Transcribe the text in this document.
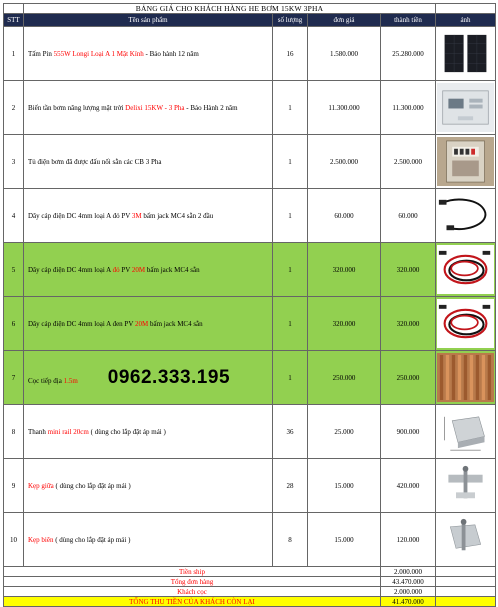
	BẢNG GIÁ CHO KHÁCH HÀNG HE BƠM 15KW 3PHA				
STT	Tên sản phẩm	số lượng	đơn giá	thành tiền	ảnh
1	Tấm Pin 555W Longi Loại A 1 Mặt Kính - Bảo hành 12 năm	16	1.580.000	25.280.000	

2	Biến tần bơm năng lượng mặt trời Delixi 15KW - 3 Pha - Bảo Hành 2 năm	1	11.300.000	11.300.000	

3	Tủ điện bơm đã được đấu nối sẵn các CB 3 Pha	1	2.500.000	2.500.000	

4	Dây cáp điện DC 4mm loại A đỏ PV 3M bấm jack MC4 sẵn 2 đầu	1	60.000	60.000	

5	Dây cáp điện DC 4mm loại A đỏ PV 20M bấm jack MC4 sẵn	1	320.000	320.000	

6	Dây cáp điện DC 4mm loại A đen PV 20M bấm jack MC4 sẵn	1	320.000	320.000	

7	Cọc tiếp địa 1.5m 0962.333.195	1	250.000	250.000	

8	Thanh mini rail 20cm ( dùng cho lắp đặt áp mái )	36	25.000	900.000	

9	Kẹp giữa ( dùng cho lắp đặt áp mái )	28	15.000	420.000	

10	Kẹp biên ( dùng cho lắp đặt áp mái )	8	15.000	120.000	

Tiền ship				2.000.000	
Tổng đơn hàng				43.470.000	
Khách cọc				2.000.000	
TỔNG THU TIỀN CỦA KHÁCH CÒN LẠI				41.470.000	
